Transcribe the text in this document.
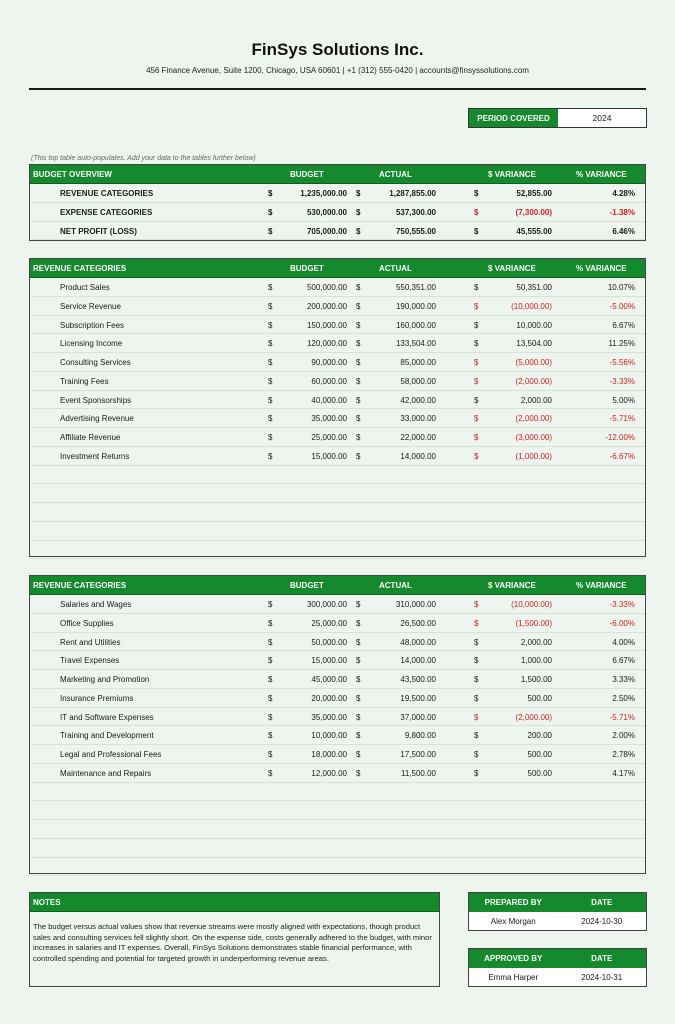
FinSys Solutions Inc.
456 Finance Avenue, Suite 1200, Chicago, USA 60601 | +1 (312) 555-0420 | accounts@finsyssolutions.com
PERIOD COVERED	2024
(This top table auto-populates. Add your data to the tables further below)
BUDGET OVERVIEW	BUDGET	ACTUAL	$ VARIANCE	% VARIANCE
REVENUE CATEGORIES	$	1,235,000.00 $	1,287,855.00	$	52,855.00	4.28%
EXPENSE CATEGORIES	$	530,000.00 $	537,300.00	$	(7,300.00)	-1.38%
NET PROFIT (LOSS)	$	705,000.00 $	750,555.00	$	45,555.00	6.46%
REVENUE CATEGORIES	BUDGET	ACTUAL	$ VARIANCE	% VARIANCE
Product Sales	$	500,000.00 $	550,351.00	$	50,351.00	10.07%
Service Revenue	$	200,000.00 $	190,000.00	$	(10,000.00)	-5.00%
Subscription Fees	$	150,000.00 $	160,000.00	$	10,000.00	6.67%
Licensing Income	$	120,000.00 $	133,504.00	$	13,504.00	11.25%
Consulting Services	$	90,000.00 $	85,000.00	$	(5,000.00)	-5.56%
Training Fees	$	60,000.00 $	58,000.00	$	(2,000.00)	-3.33%
Event Sponsorships	$	40,000.00 $	42,000.00	$	2,000.00	5.00%
Advertising Revenue	$	35,000.00 $	33,000.00	$	(2,000.00)	-5.71%
Affiliate Revenue	$	25,000.00 $	22,000.00	$	(3,000.00)	-12.00%
Investment Returns	$	15,000.00 $	14,000.00	$	(1,000.00)	-6.67%
REVENUE CATEGORIES	BUDGET	ACTUAL	$ VARIANCE	% VARIANCE
Salaries and Wages	$	300,000.00 $	310,000.00	$	(10,000.00)	-3.33%
Office Supplies	$	25,000.00 $	26,500.00	$	(1,500.00)	-6.00%
Rent and Utilities	$	50,000.00 $	48,000.00	$	2,000.00	4.00%
Travel Expenses	$	15,000.00 $	14,000.00	$	1,000.00	6.67%
Marketing and Promotion	$	45,000.00 $	43,500.00	$	1,500.00	3.33%
Insurance Premiums	$	20,000.00 $	19,500.00	$	500.00	2.50%
IT and Software Expenses	$	35,000.00 $	37,000.00	$	(2,000.00)	-5.71%
Training and Development	$	10,000.00 $	9,800.00	$	200.00	2.00%
Legal and Professional Fees	$	18,000.00 $	17,500.00	$	500.00	2.78%
Maintenance and Repairs	$	12,000.00 $	11,500.00	$	500.00	4.17%
NOTES
The budget versus actual values show that revenue streams were mostly aligned with expectations, though product sales and consulting services fell slightly short. On the expense side, costs generally adhered to the budget, with minor increases in salaries and IT expenses. Overall, FinSys Solutions demonstrates stable financial performance, with controlled spending and potential for targeted growth in underperforming revenue areas.
PREPARED BY	DATE
Alex Morgan	2024-10-30
APPROVED BY	DATE
Emma Harper	2024-10-31
